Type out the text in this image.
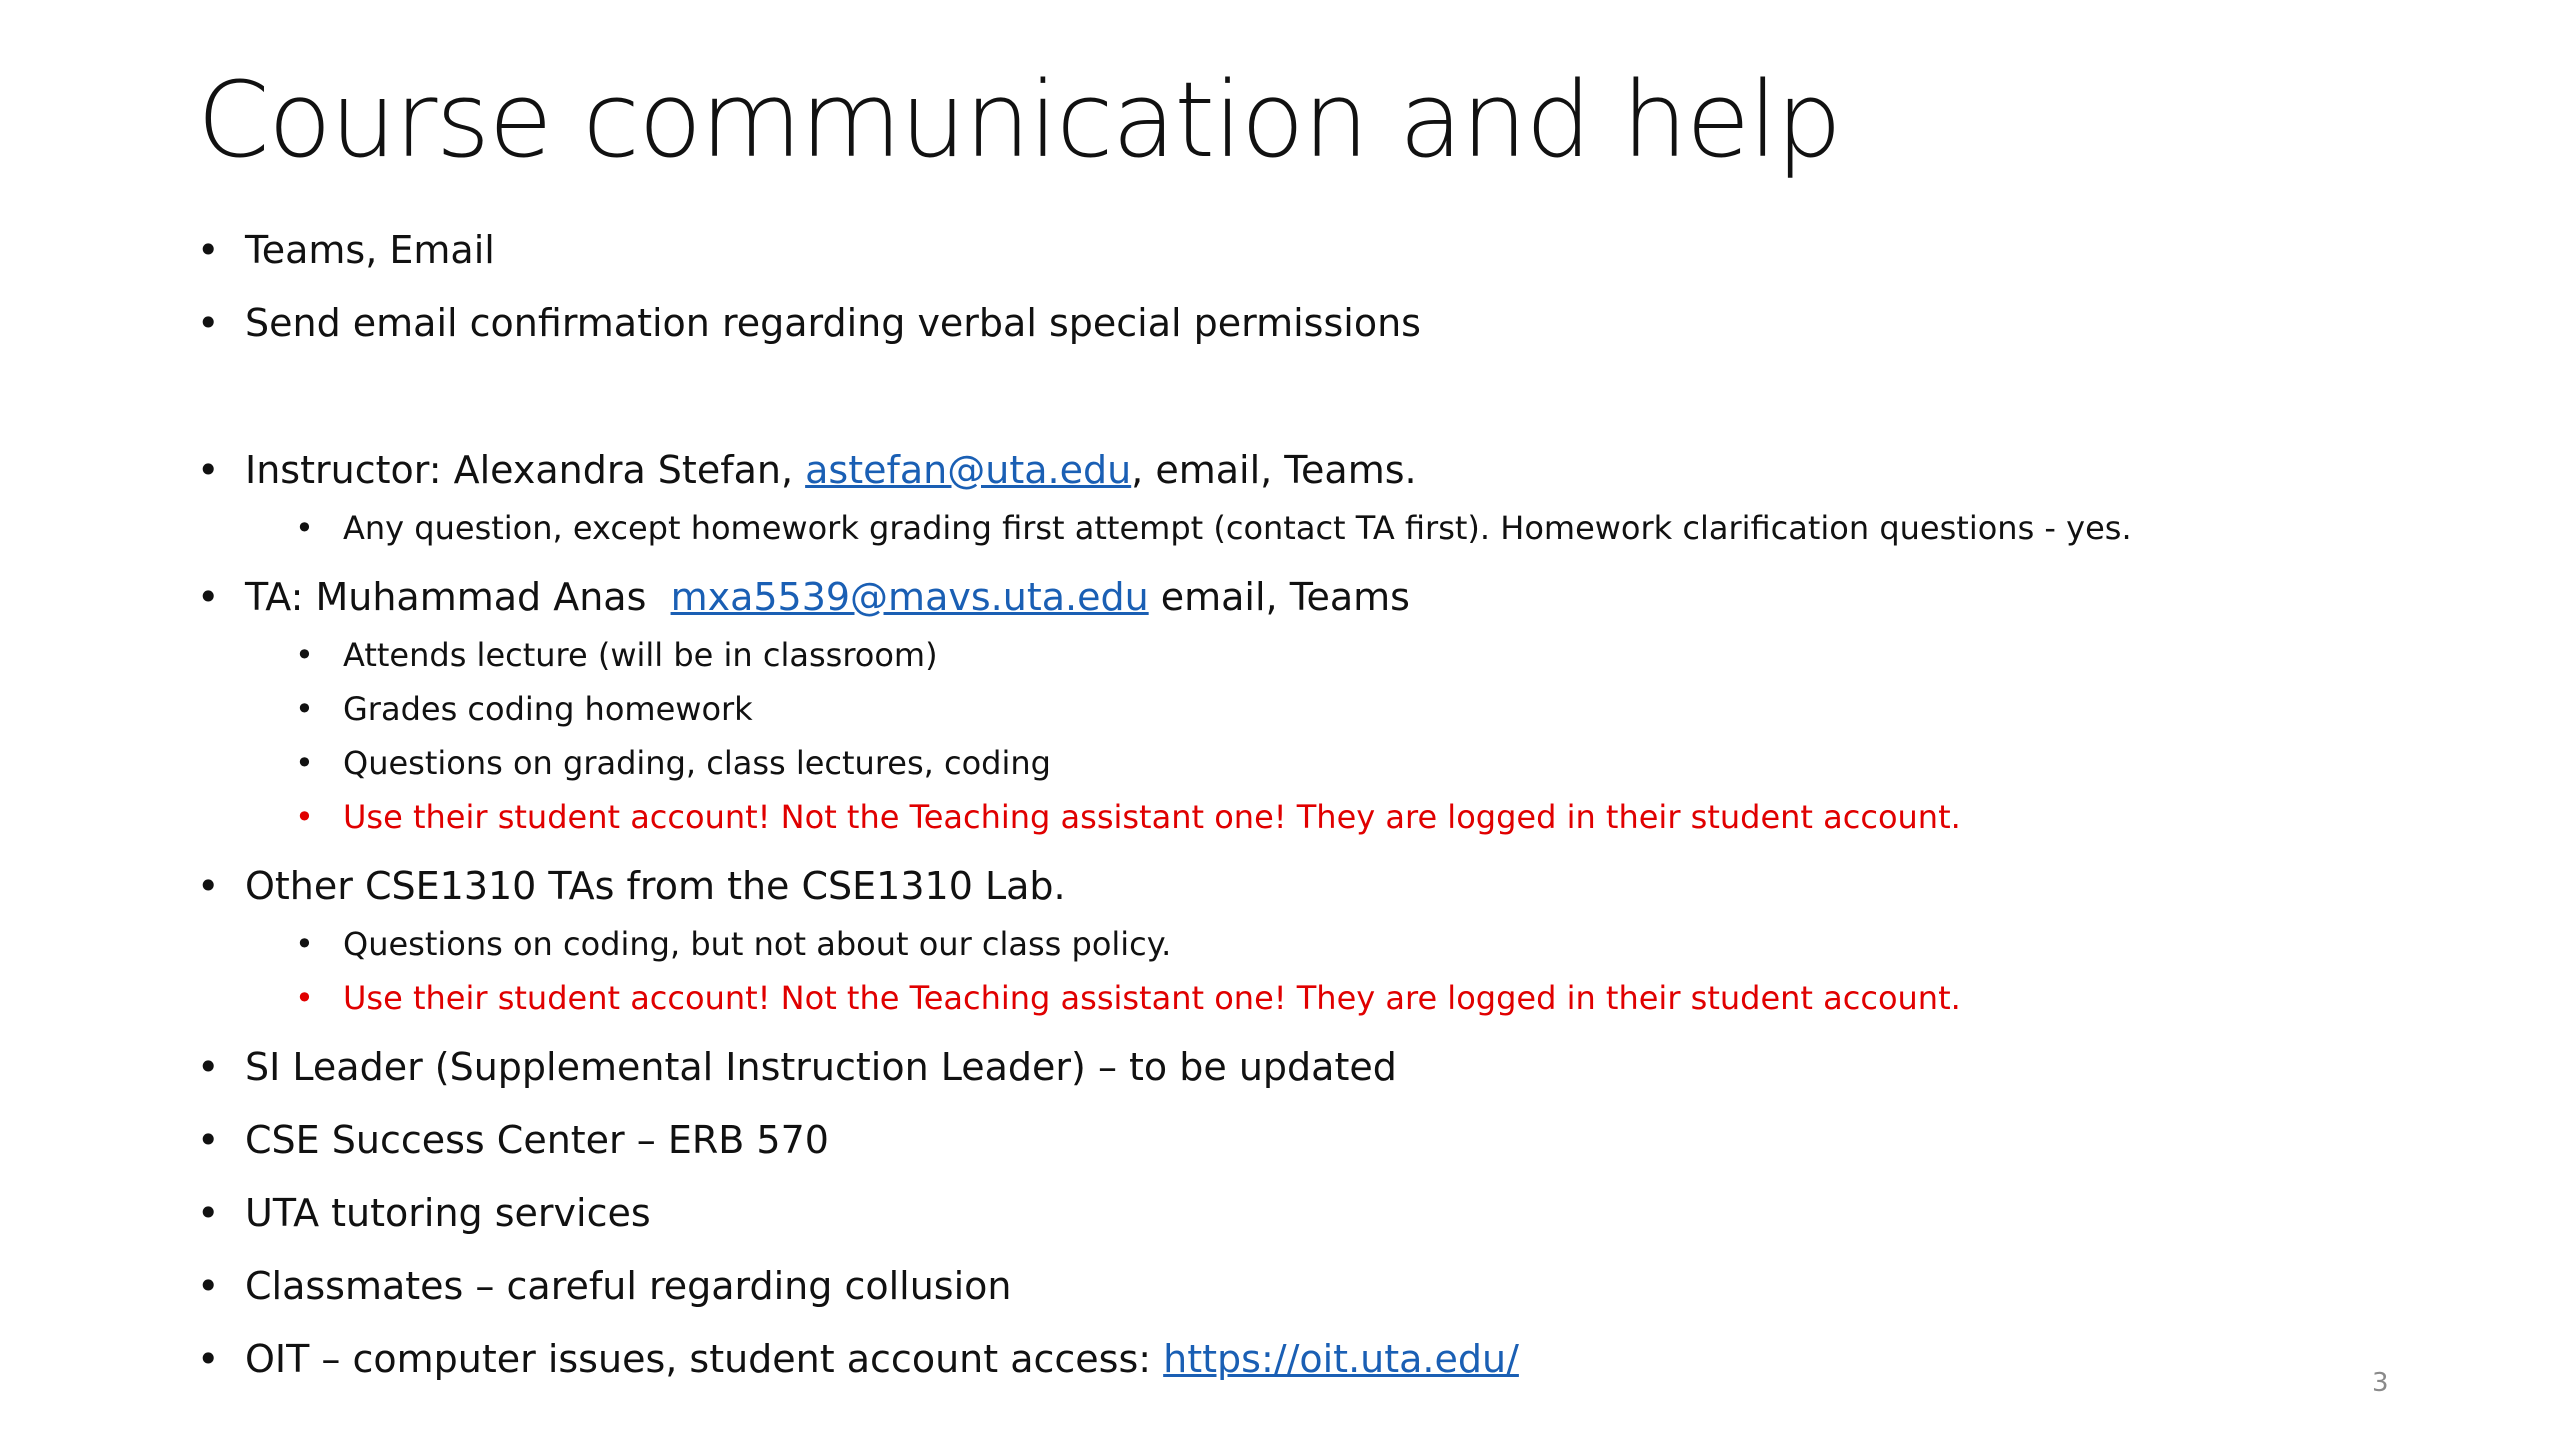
Course communication and help
• Teams, Email
• Send email confirmation regarding verbal special permissions
• Instructor: Alexandra Stefan, astefan@uta.edu, email, Teams.
• Any question, except homework grading first attempt (contact TA first). Homework clarification questions - yes.
• TA: Muhammad Anas  mxa5539@mavs.uta.edu email, Teams
• Attends lecture (will be in classroom)
• Grades coding homework
• Questions on grading, class lectures, coding
• Use their student account! Not the Teaching assistant one! They are logged in their student account.
• Other CSE1310 TAs from the CSE1310 Lab.
• Questions on coding, but not about our class policy.
• Use their student account! Not the Teaching assistant one! They are logged in their student account.
• SI Leader (Supplemental Instruction Leader) – to be updated
• CSE Success Center – ERB 570
• UTA tutoring services
• Classmates – careful regarding collusion
• OIT – computer issues, student account access: https://oit.uta.edu/
3
